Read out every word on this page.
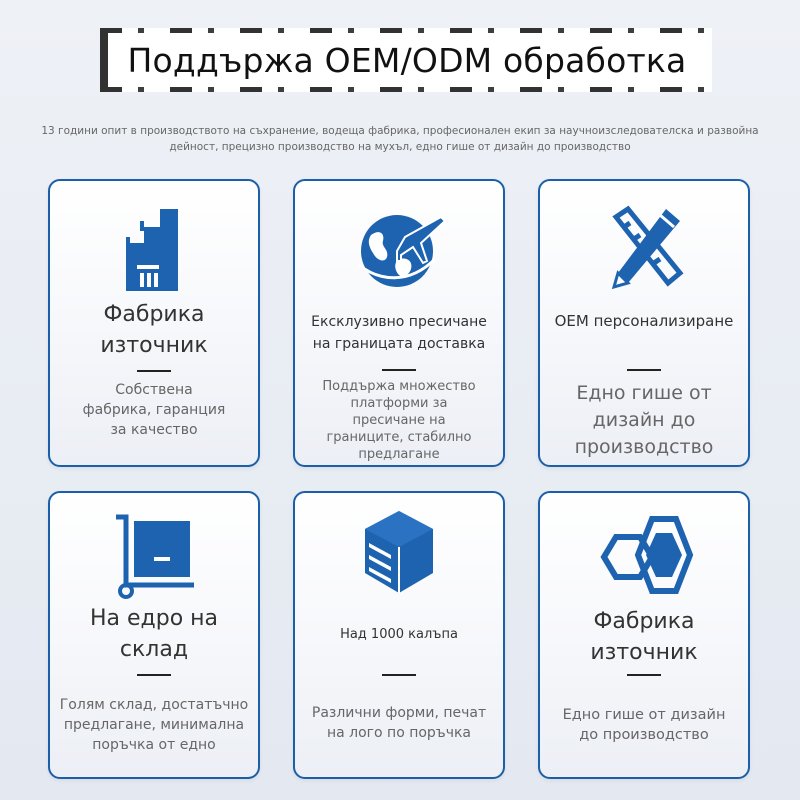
Поддържа OEM/ODM обработка
13 години опит в производството на съхранение, водеща фабрика, професионален екип за научноизследователска и развойна дейност, прецизно производство на мухъл, едно гише от дизайн до производство
Фабрика източник
Собствена фабрика, гаранция за качество
Ексклузивно пресичане на границата доставка
Поддържа множество платформи за пресичане на границите, стабилно предлагане
OEM персонализиране
Едно гише от дизайн до производство
На едро на склад
Голям склад, достатъчно предлагане, минимална поръчка от едно
Над 1000 калъпа
Различни форми, печат на лого по поръчка
Фабрика източник
Едно гише от дизайн до производство
